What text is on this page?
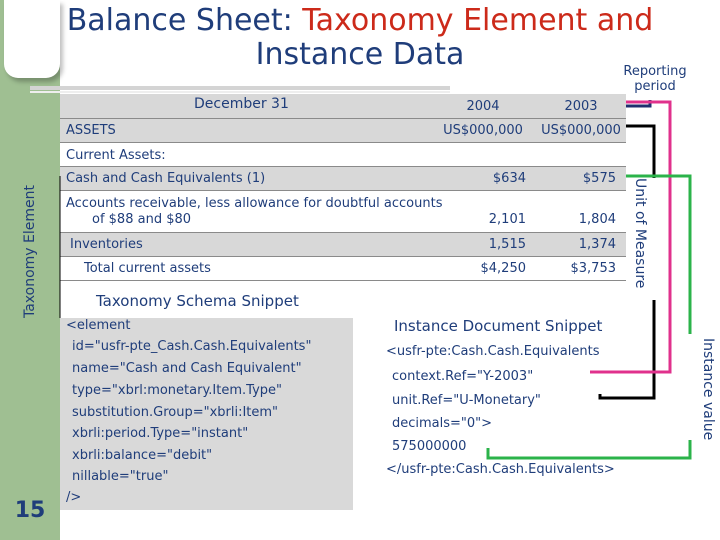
Balance Sheet: Taxonomy Element and
Instance Data	Reporting period
Taxonomy Element
December 31	2004	2003
ASSETS	US$000,000	US$000,000
Current Assets:
Cash and Cash Equivalents (1)	$634	$575
Accounts receivable, less allowance for doubtful accounts
of $88 and $80	2,101	1,804
Inventories	1,515	1,374
Total current assets	$4,250	$3,753 Unit of Measure
Instance value
Taxonomy Schema Snippet
<element
id="usfr-pte_Cash.Cash.Equivalents"
name="Cash and Cash Equivalent"
type="xbrl:monetary.Item.Type"
substitution.Group="xbrli:Item"
xbrli:period.Type="instant"
xbrli:balance="debit"
nillable="true"
/>
Instance Document Snippet
<usfr-pte:Cash.Cash.Equivalents
context.Ref="Y-2003"
unit.Ref="U-Monetary"
decimals="0">
575000000
</usfr-pte:Cash.Cash.Equivalents>
15
